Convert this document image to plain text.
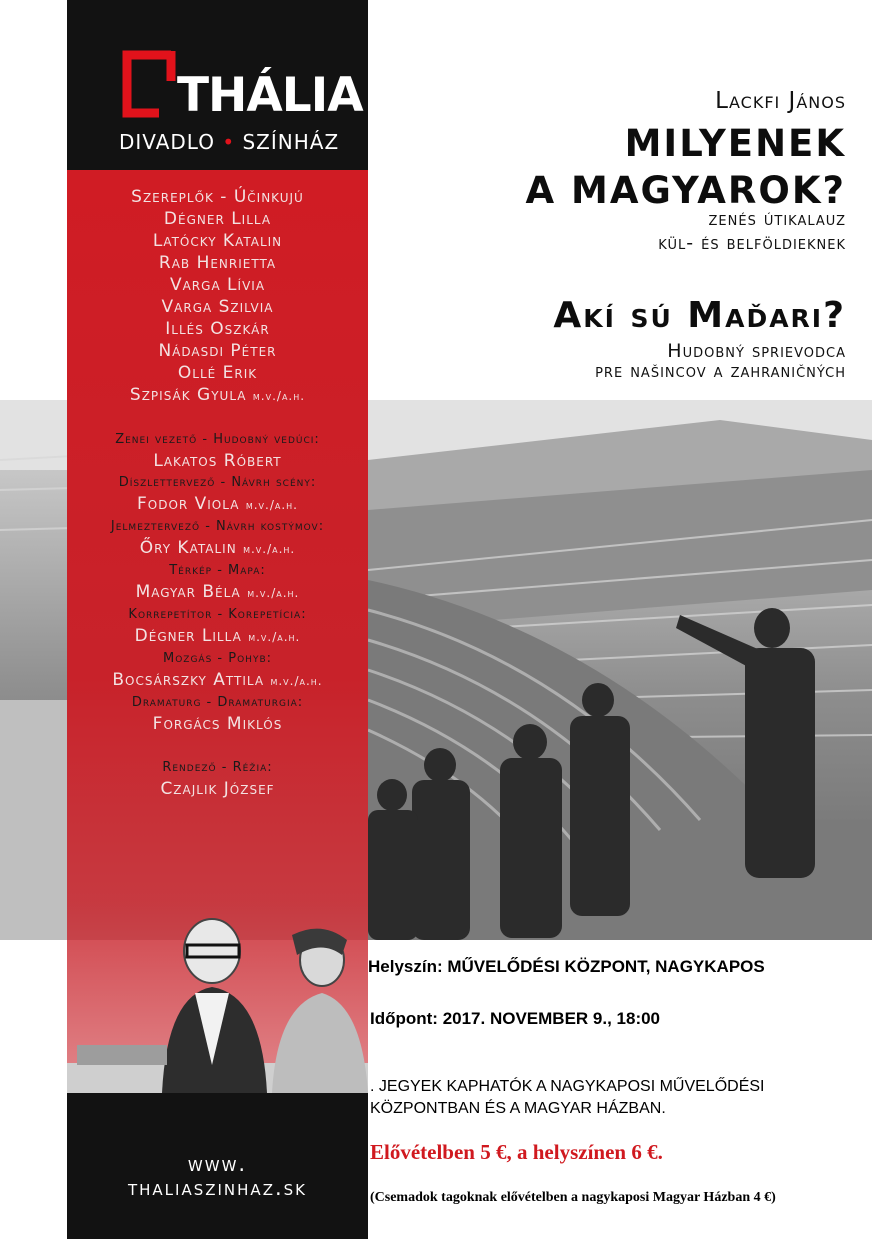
THÁLIA
DIVADLO • SZÍNHÁZ
Szereplők - Účinkujú
Dégner Lilla
Latócky Katalin
Rab Henrietta
Varga Lívia
Varga Szilvia
Illés Oszkár
Nádasdi Péter
Ollé Erik
Szpisák Gyula m.v./a.h.
Zenei vezető - Hudobný vedúci:
Lakatos Róbert
Díszlettervező - Návrh scény:
Fodor Viola m.v./a.h.
Jelmeztervező - Návrh kostýmov:
Őry Katalin m.v./a.h.
Térkép - Mapa:
Magyar Béla m.v./a.h.
Korrepetítor - Korepetícia:
Dégner Lilla m.v./a.h.
Mozgás - Pohyb:
Bocsárszky Attila m.v./a.h.
Dramaturg - Dramaturgia:
Forgács Miklós
Rendező - Réžia:
Czajlik József
www.
thaliaszinhaz.sk
Lackfi János
MILYENEK
A MAGYAROK?
zenés útikalauz
kül- és belföldieknek
Akí sú Maďari?
Hudobný sprievodca
pre našincov a zahraničných
Helyszín: MŰVELŐDÉSI KÖZPONT, NAGYKAPOS
Időpont: 2017. NOVEMBER 9., 18:00
. JEGYEK KAPHATÓK A NAGYKAPOSI MŰVELŐDÉSI KÖZPONTBAN ÉS A MAGYAR HÁZBAN.
Elővételben 5 €, a helyszínen 6 €.
(Csemadok tagoknak elővételben a nagykaposi Magyar Házban 4 €)
